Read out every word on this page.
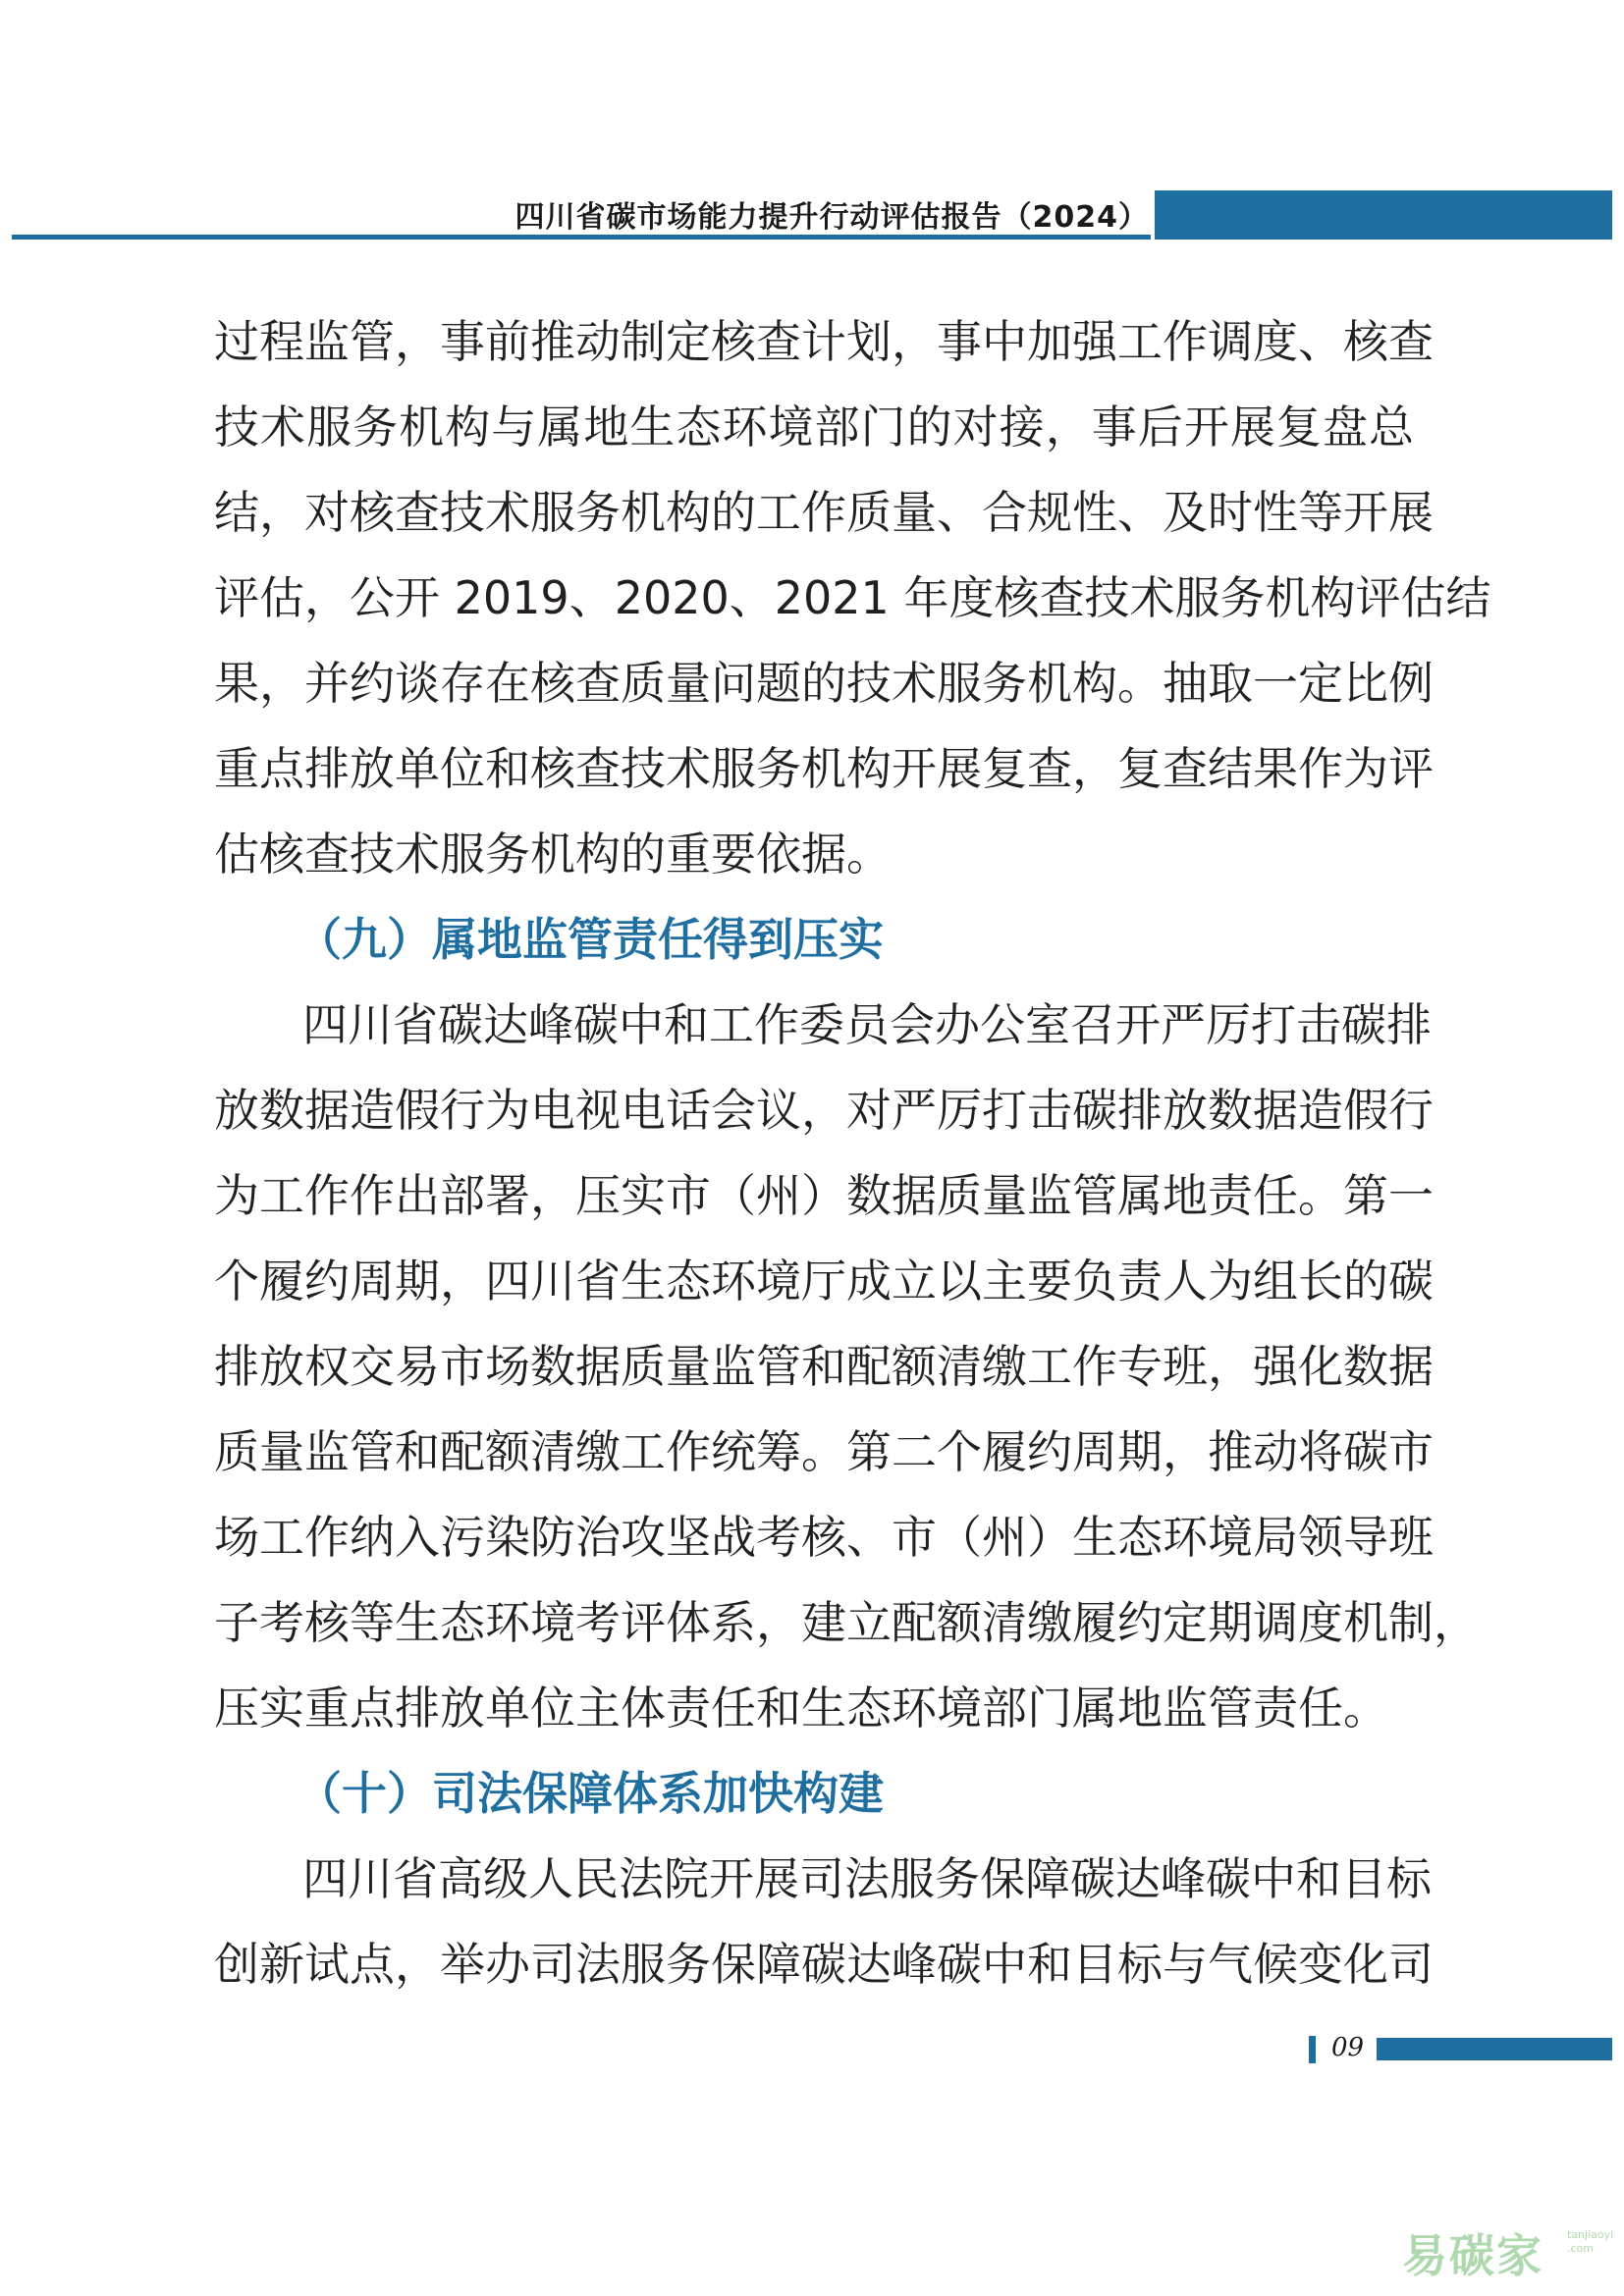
四川省碳市场能力提升行动评估报告（2024）
过程监管，事前推动制定核查计划，事中加强工作调度、核查
技术服务机构与属地生态环境部门的对接，事后开展复盘总
结，对核查技术服务机构的工作质量、合规性、及时性等开展
评估，公开 2019、2020、2021 年度核查技术服务机构评估结
果，并约谈存在核查质量问题的技术服务机构。抽取一定比例
重点排放单位和核查技术服务机构开展复查，复查结果作为评
估核查技术服务机构的重要依据。
（九）属地监管责任得到压实
四川省碳达峰碳中和工作委员会办公室召开严厉打击碳排
放数据造假行为电视电话会议，对严厉打击碳排放数据造假行
为工作作出部署，压实市（州）数据质量监管属地责任。第一
个履约周期，四川省生态环境厅成立以主要负责人为组长的碳
排放权交易市场数据质量监管和配额清缴工作专班，强化数据
质量监管和配额清缴工作统筹。第二个履约周期，推动将碳市
场工作纳入污染防治攻坚战考核、市（州）生态环境局领导班
子考核等生态环境考评体系，建立配额清缴履约定期调度机制，
压实重点排放单位主体责任和生态环境部门属地监管责任。
（十）司法保障体系加快构建
四川省高级人民法院开展司法服务保障碳达峰碳中和目标
创新试点，举办司法服务保障碳达峰碳中和目标与气候变化司
09
易碳家 tanjiaoyi
.com
